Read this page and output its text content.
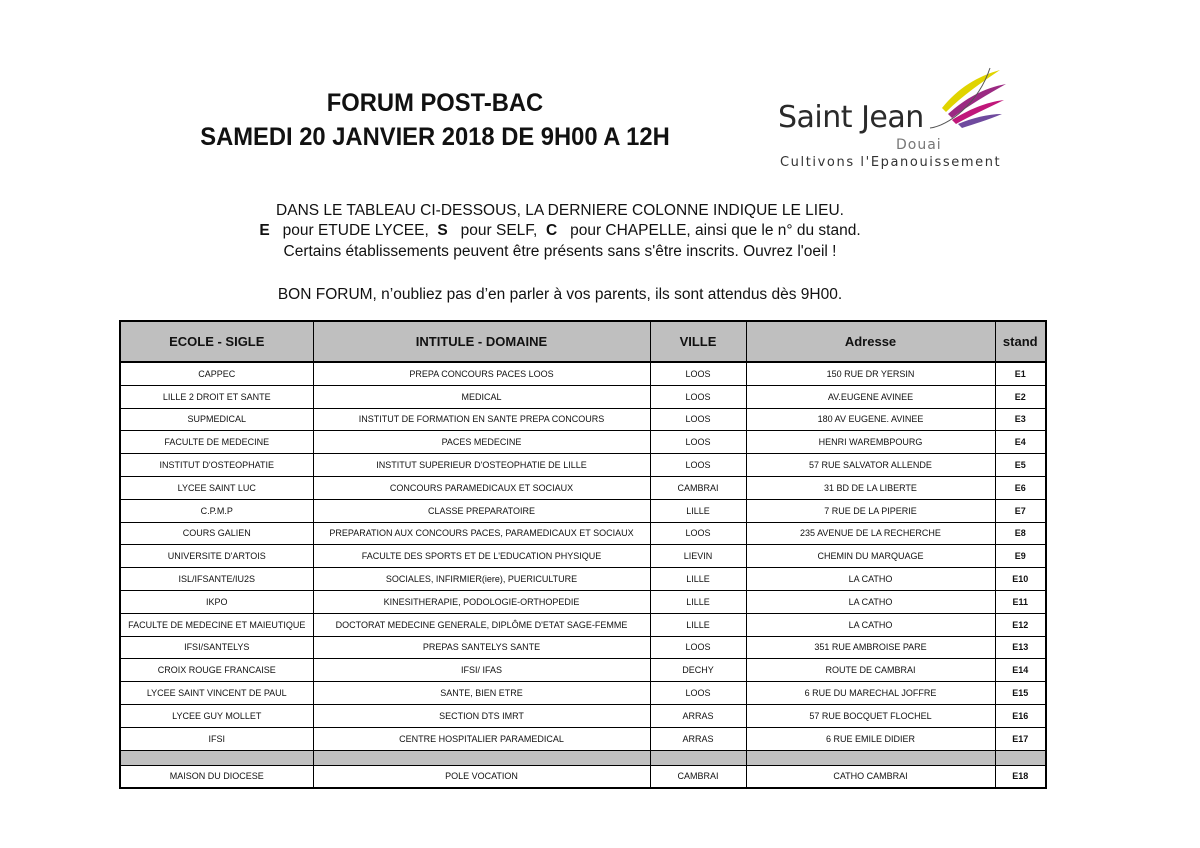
FORUM POST-BAC
SAMEDI 20 JANVIER 2018 DE 9H00 A 12H
Saint Jean
Douai
Cultivons l'Epanouissement
DANS LE TABLEAU CI-DESSOUS, LA DERNIERE COLONNE INDIQUE LE LIEU.
E pour ETUDE LYCEE, S pour SELF, C pour CHAPELLE, ainsi que le n° du stand.
Certains établissements peuvent être présents sans s'être inscrits. Ouvrez l'oeil !
BON FORUM, n’oubliez pas d’en parler à vos parents, ils sont attendus dès 9H00.
ECOLE - SIGLE	INTITULE - DOMAINE	VILLE	Adresse	stand
CAPPEC	PREPA CONCOURS PACES LOOS	LOOS	150 RUE DR YERSIN	E1
LILLE 2 DROIT ET SANTE	MEDICAL	LOOS	AV.EUGENE AVINEE	E2
SUPMEDICAL	INSTITUT DE FORMATION EN SANTE PREPA CONCOURS	LOOS	180 AV EUGENE. AVINEE	E3
FACULTE DE MEDECINE	PACES MEDECINE	LOOS	HENRI WAREMBPOURG	E4
INSTITUT D'OSTEOPHATIE	INSTITUT SUPERIEUR D'OSTEOPHATIE DE LILLE	LOOS	57 RUE SALVATOR ALLENDE	E5
LYCEE SAINT LUC	CONCOURS PARAMEDICAUX ET SOCIAUX	CAMBRAI	31 BD DE LA LIBERTE	E6
C.P.M.P	CLASSE PREPARATOIRE	LILLE	7 RUE DE LA PIPERIE	E7
COURS GALIEN	PREPARATION AUX CONCOURS PACES, PARAMEDICAUX ET SOCIAUX	LOOS	235 AVENUE DE LA RECHERCHE	E8
UNIVERSITE D'ARTOIS	FACULTE DES SPORTS ET DE L'EDUCATION PHYSIQUE	LIEVIN	CHEMIN DU MARQUAGE	E9
ISL/IFSANTE/IU2S	SOCIALES, INFIRMIER(iere), PUERICULTURE	LILLE	LA CATHO	E10
IKPO	KINESITHERAPIE, PODOLOGIE-ORTHOPEDIE	LILLE	LA CATHO	E11
FACULTE DE MEDECINE ET MAIEUTIQUE	DOCTORAT MEDECINE GENERALE, DIPLÔME D'ETAT SAGE-FEMME	LILLE	LA CATHO	E12
IFSI/SANTELYS	PREPAS SANTELYS SANTE	LOOS	351 RUE AMBROISE PARE	E13
CROIX ROUGE FRANCAISE	IFSI/ IFAS	DECHY	ROUTE DE CAMBRAI	E14
LYCEE SAINT VINCENT DE PAUL	SANTE, BIEN ETRE	LOOS	6 RUE DU MARECHAL JOFFRE	E15
LYCEE GUY MOLLET	SECTION DTS IMRT	ARRAS	57 RUE BOCQUET FLOCHEL	E16
IFSI	CENTRE HOSPITALIER PARAMEDICAL	ARRAS	6 RUE EMILE DIDIER	E17

MAISON DU DIOCESE	POLE VOCATION	CAMBRAI	CATHO CAMBRAI	E18
